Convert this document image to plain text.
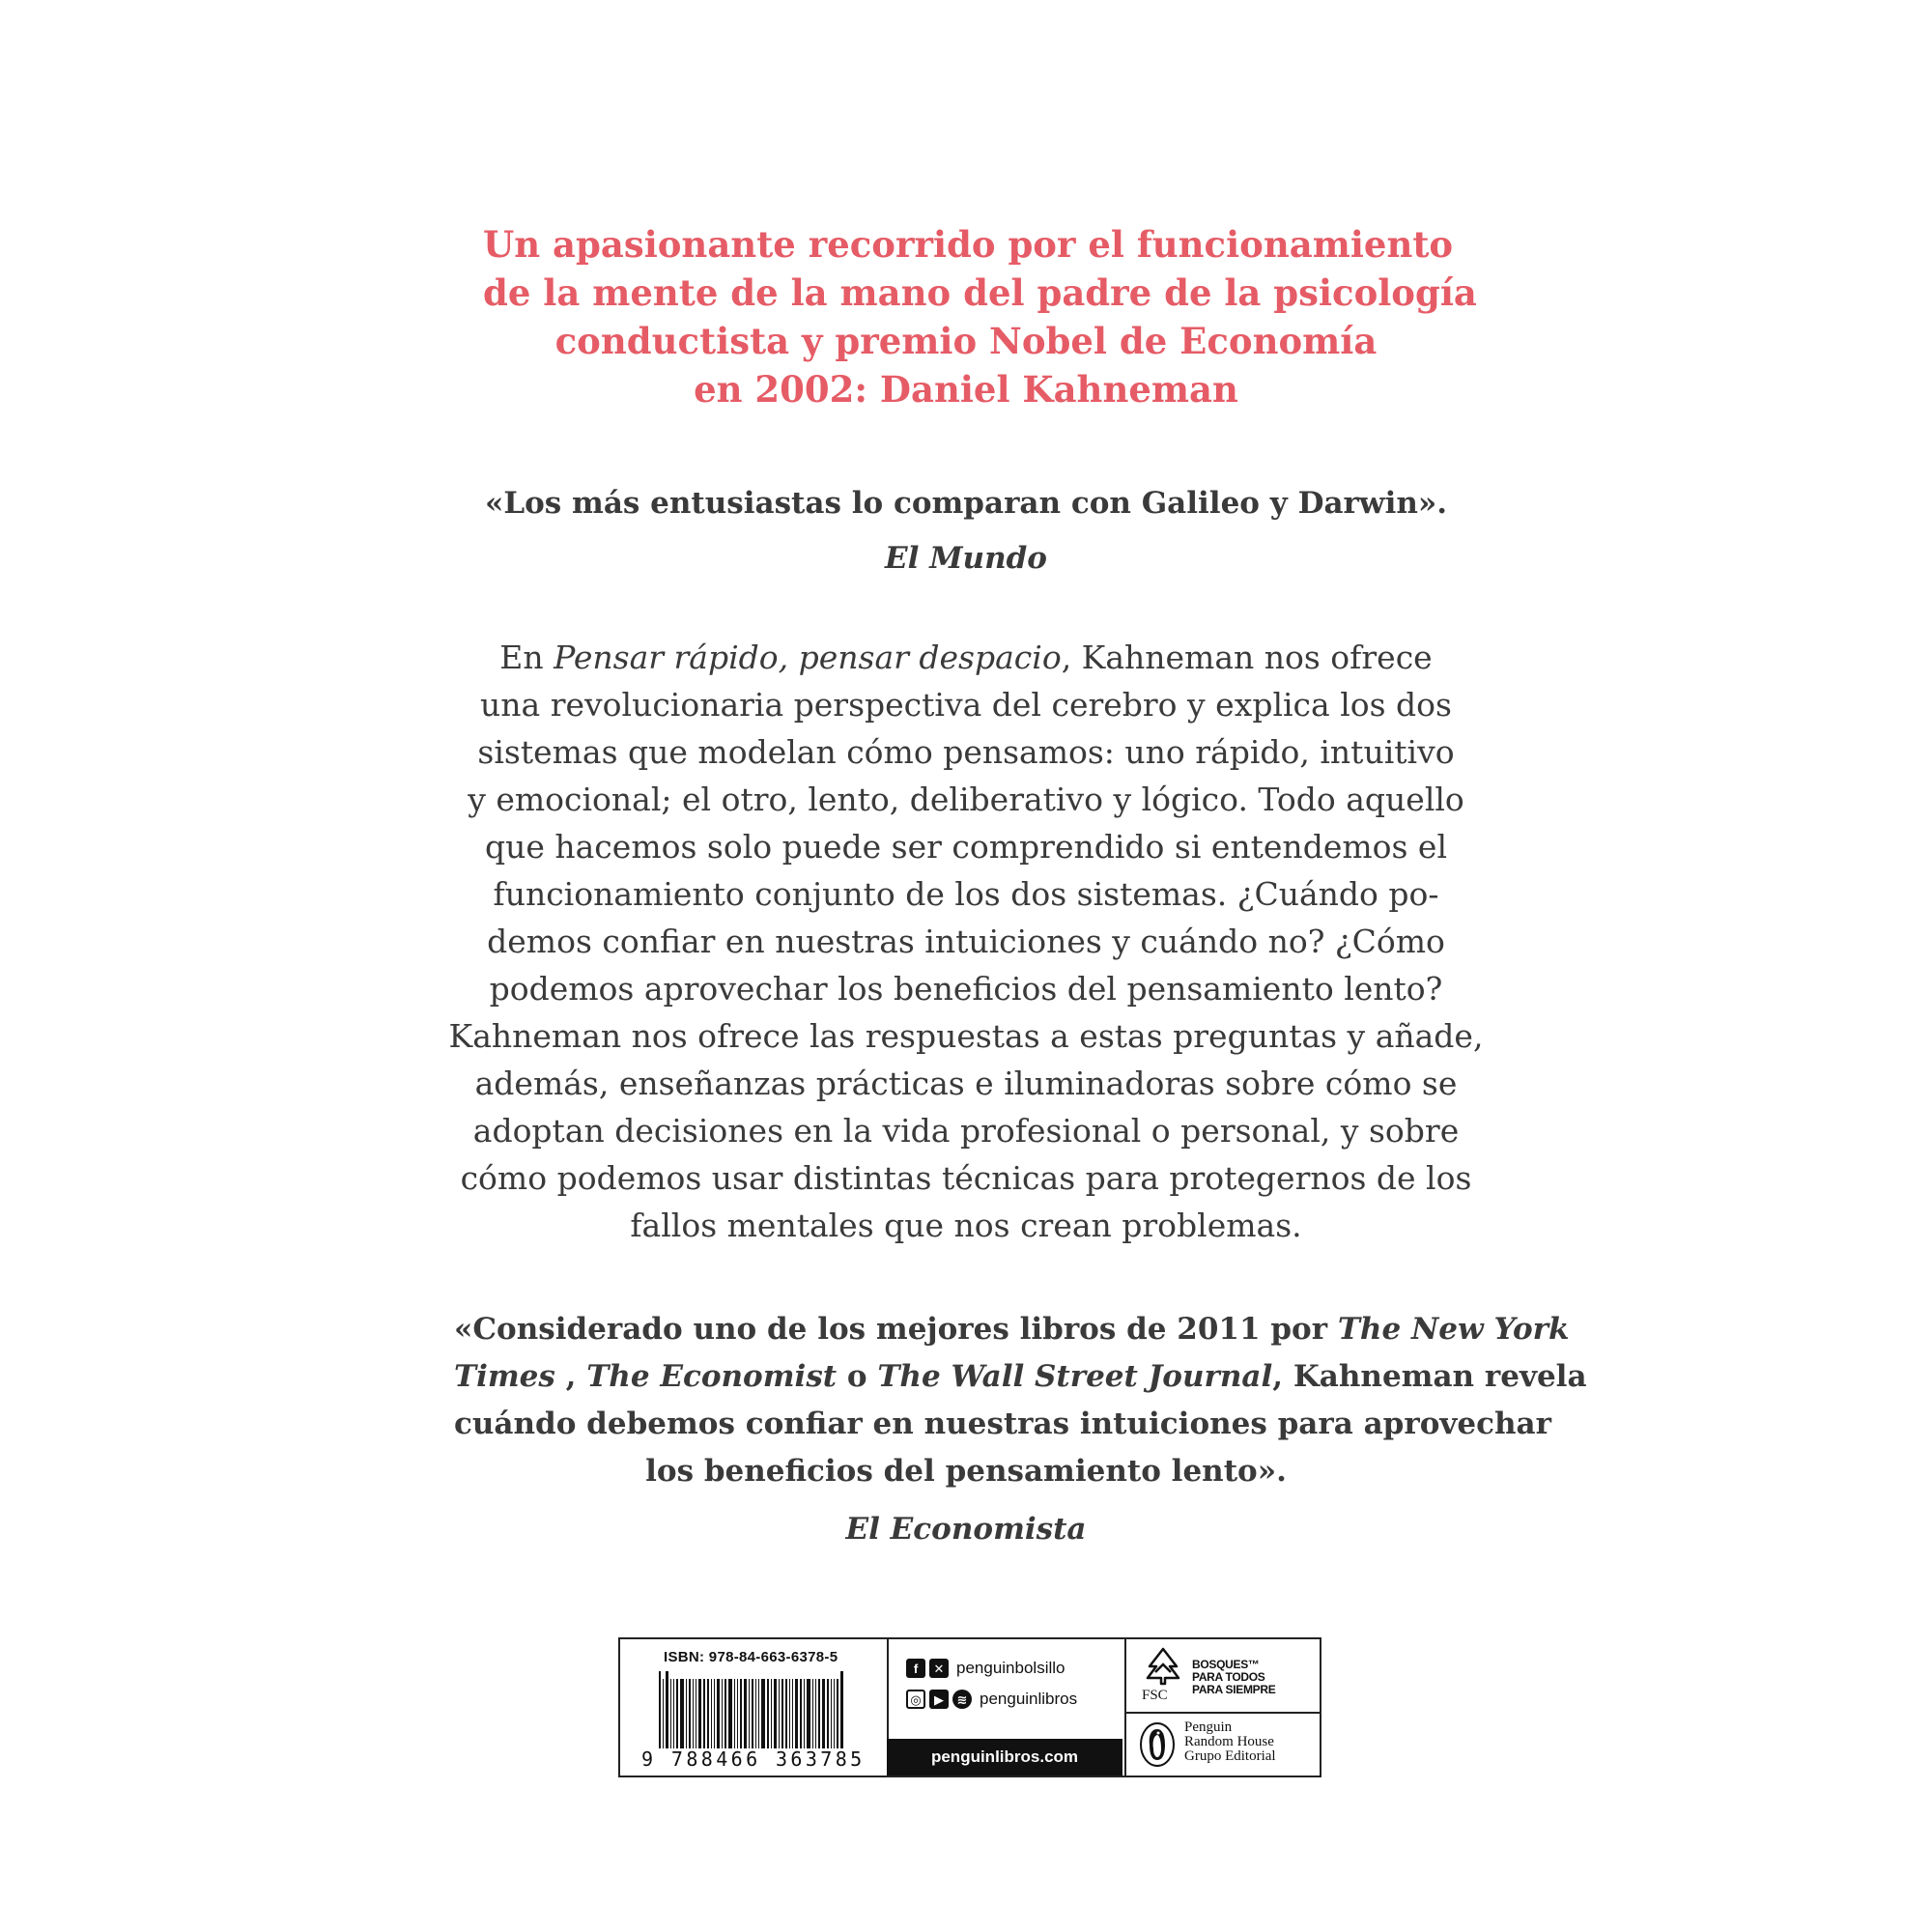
Un apasionante recorrido por el funcionamiento
de la mente de la mano del padre de la psicología
conductista y premio Nobel de Economía
en 2002: Daniel Kahneman
«Los más entusiastas lo comparan con Galileo y Darwin».
El Mundo
En Pensar rápido, pensar despacio, Kahneman nos ofrece
una revolucionaria perspectiva del cerebro y explica los dos
sistemas que modelan cómo pensamos: uno rápido, intuitivo
y emocional; el otro, lento, deliberativo y lógico. Todo aquello
que hacemos solo puede ser comprendido si entendemos el
funcionamiento conjunto de los dos sistemas. ¿Cuándo po-
demos confiar en nuestras intuiciones y cuándo no? ¿Cómo
podemos aprovechar los beneficios del pensamiento lento?
Kahneman nos ofrece las respuestas a estas preguntas y añade,
además, enseñanzas prácticas e iluminadoras sobre cómo se
adoptan decisiones en la vida profesional o personal, y sobre
cómo podemos usar distintas técnicas para protegernos de los
fallos mentales que nos crean problemas.
«Considerado uno de los mejores libros de 2011 por The New York
Times , The Economist o The Wall Street Journal, Kahneman revela
cuándo debemos confiar en nuestras intuiciones para aprovechar
los beneficios del pensamiento lento».
El Economista
ISBN: 978-84-663-6378-5
9 788466 363785
f	✕ penguinbolsillo
◎	▶	≋ penguinlibros
penguinlibros.com
FSC
BOSQUES™
PARA TODOS
PARA SIEMPRE
Penguin
Random House
Grupo Editorial
